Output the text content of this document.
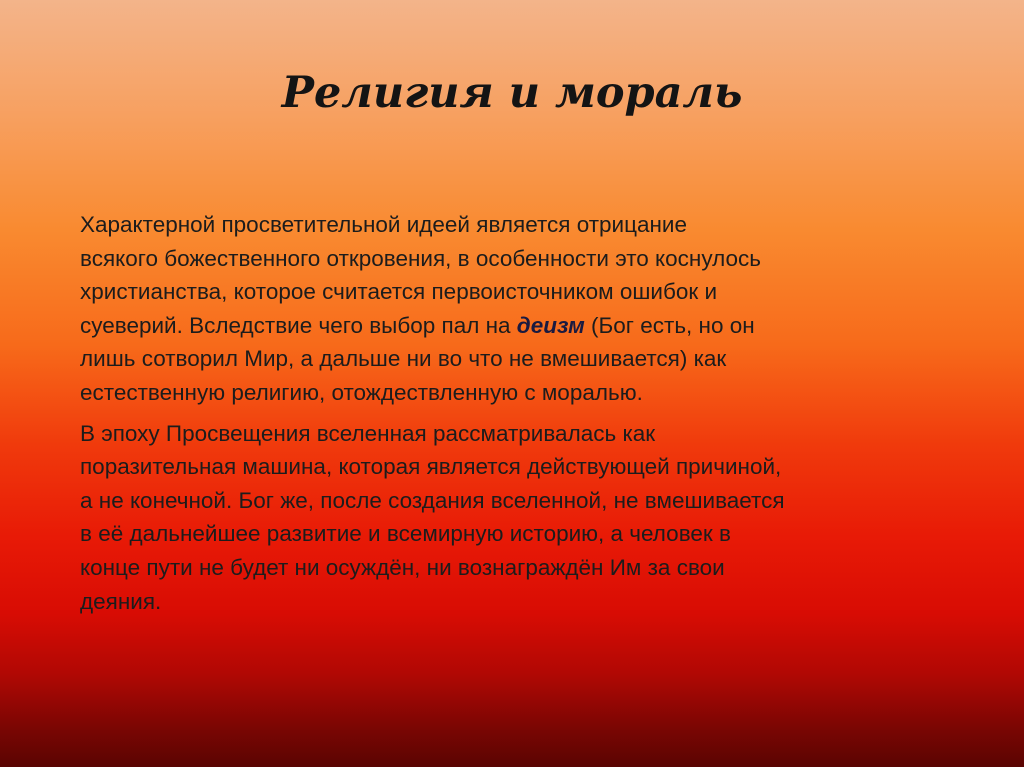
Религия и мораль

Характерной просветительной идеей является отрицание
всякого божественного откровения, в особенности это коснулось
христианства, которое считается первоисточником ошибок и
суеверий. Вследствие чего выбор пал на деизм (Бог есть, но он
лишь сотворил Мир, а дальше ни во что не вмешивается) как
естественную религию, отождествленную с моралью.

В эпоху Просвещения вселенная рассматривалась как
поразительная машина, которая является действующей причиной,
а не конечной. Бог же, после создания вселенной, не вмешивается
в её дальнейшее развитие и всемирную историю, а человек в
конце пути не будет ни осуждён, ни вознаграждён Им за свои
деяния.
